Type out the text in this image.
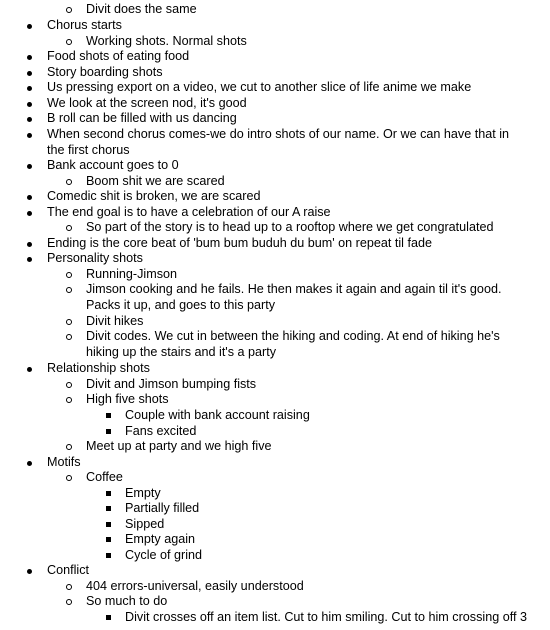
Divit does the same
Chorus starts
Working shots. Normal shots
Food shots of eating food
Story boarding shots
Us pressing export on a video, we cut to another slice of life anime we make
We look at the screen nod, it's good
B roll can be filled with us dancing
When second chorus comes-we do intro shots of our name. Or we can have that in the first chorus
Bank account goes to 0
Boom shit we are scared
Comedic shit is broken, we are scared
The end goal is to have a celebration of our A raise
So part of the story is to head up to a rooftop where we get congratulated
Ending is the core beat of 'bum bum buduh du bum' on repeat til fade
Personality shots
Running-Jimson
Jimson cooking and he fails. He then makes it again and again til it's good. Packs it up, and goes to this party
Divit hikes
Divit codes. We cut in between the hiking and coding. At end of hiking he's hiking up the stairs and it's a party
Relationship shots
Divit and Jimson bumping fists
High five shots
Couple with bank account raising
Fans excited
Meet up at party and we high five
Motifs
Coffee
Empty
Partially filled
Sipped
Empty again
Cycle of grind
Conflict
404 errors-universal, easily understood
So much to do
Divit crosses off an item list. Cut to him smiling. Cut to him crossing off 3
